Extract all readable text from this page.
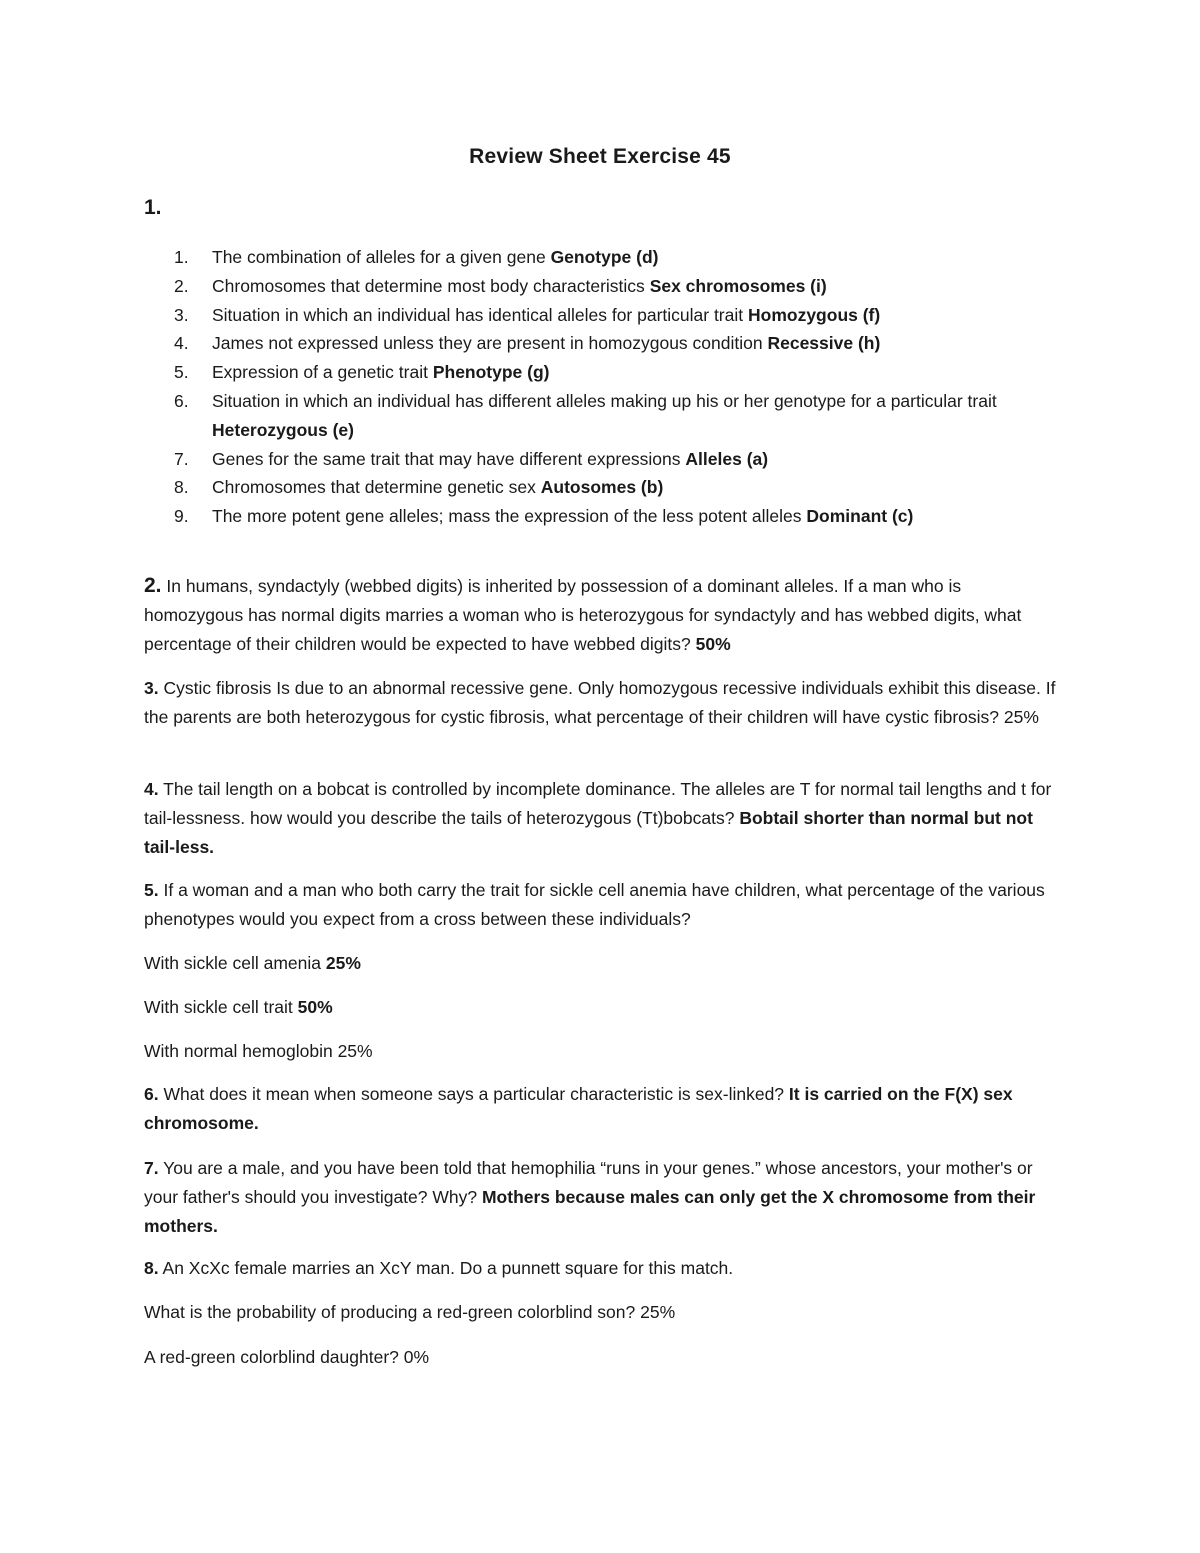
Review Sheet Exercise 45
1.
1. The combination of alleles for a given gene Genotype (d)
2. Chromosomes that determine most body characteristics Sex chromosomes (i)
3. Situation in which an individual has identical alleles for particular trait Homozygous (f)
4. James not expressed unless they are present in homozygous condition Recessive (h)
5. Expression of a genetic trait Phenotype (g)
6. Situation in which an individual has different alleles making up his or her genotype for a particular trait Heterozygous (e)
7. Genes for the same trait that may have different expressions Alleles (a)
8. Chromosomes that determine genetic sex Autosomes (b)
9. The more potent gene alleles; mass the expression of the less potent alleles Dominant (c)

2. In humans, syndactyly (webbed digits) is inherited by possession of a dominant alleles. If a man who is homozygous has normal digits marries a woman who is heterozygous for syndactyly and has webbed digits, what percentage of their children would be expected to have webbed digits? 50%

3. Cystic fibrosis Is due to an abnormal recessive gene. Only homozygous recessive individuals exhibit this disease. If the parents are both heterozygous for cystic fibrosis, what percentage of their children will have cystic fibrosis? 25%

4. The tail length on a bobcat is controlled by incomplete dominance. The alleles are T for normal tail lengths and t for tail-lessness. how would you describe the tails of heterozygous (Tt)bobcats? Bobtail shorter than normal but not tail-less.

5. If a woman and a man who both carry the trait for sickle cell anemia have children, what percentage of the various phenotypes would you expect from a cross between these individuals?

With sickle cell amenia 25%

With sickle cell trait 50%

With normal hemoglobin 25%

6. What does it mean when someone says a particular characteristic is sex-linked? It is carried on the F(X) sex chromosome.

7. You are a male, and you have been told that hemophilia “runs in your genes.” whose ancestors, your mother's or your father's should you investigate? Why? Mothers because males can only get the X chromosome from their mothers.

8. An XcXc female marries an XcY man. Do a punnett square for this match.

What is the probability of producing a red-green colorblind son? 25%

A red-green colorblind daughter? 0%
